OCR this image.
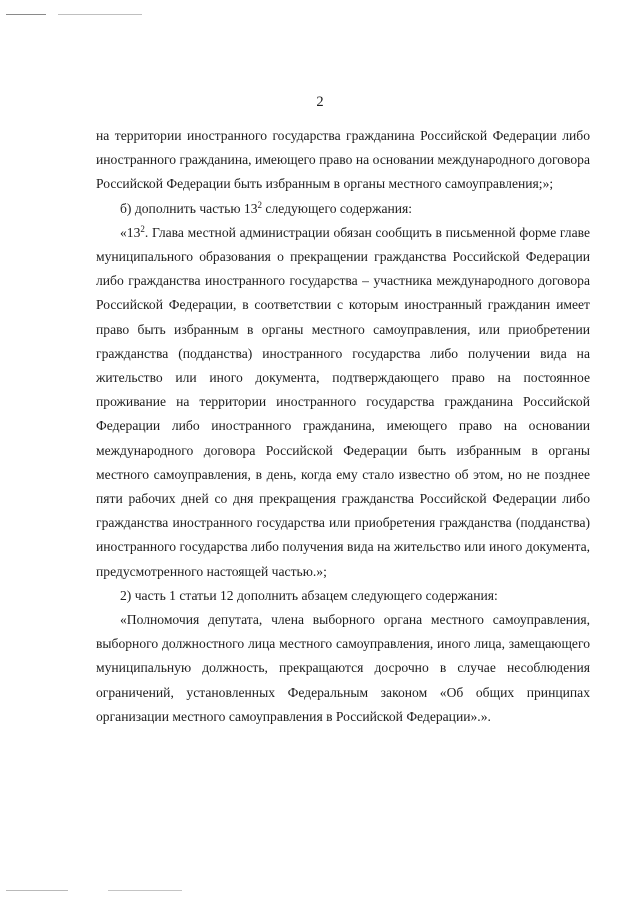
2

на территории иностранного государства гражданина Российской Федерации либо иностранного гражданина, имеющего право на основании международного договора Российской Федерации быть избранным в органы местного самоуправления;»;

б) дополнить частью $13^2$ следующего содержания:

«$13^2$. Глава местной администрации обязан сообщить в письменной форме главе муниципального образования о прекращении гражданства Российской Федерации либо гражданства иностранного государства – участника международного договора Российской Федерации, в соответствии с которым иностранный гражданин имеет право быть избранным в органы местного самоуправления, или приобретении гражданства (подданства) иностранного государства либо получении вида на жительство или иного документа, подтверждающего право на постоянное проживание на территории иностранного государства гражданина Российской Федерации либо иностранного гражданина, имеющего право на основании международного договора Российской Федерации быть избранным в органы местного самоуправления, в день, когда ему стало известно об этом, но не позднее пяти рабочих дней со дня прекращения гражданства Российской Федерации либо гражданства иностранного государства или приобретения гражданства (подданства) иностранного государства либо получения вида на жительство или иного документа, предусмотренного настоящей частью.»;

2) часть 1 статьи 12 дополнить абзацем следующего содержания:

«Полномочия депутата, члена выборного органа местного самоуправления, выборного должностного лица местного самоуправления, иного лица, замещающего муниципальную должность, прекращаются досрочно в случае несоблюдения ограничений, установленных Федеральным законом «Об общих принципах организации местного самоуправления в Российской Федерации».».
